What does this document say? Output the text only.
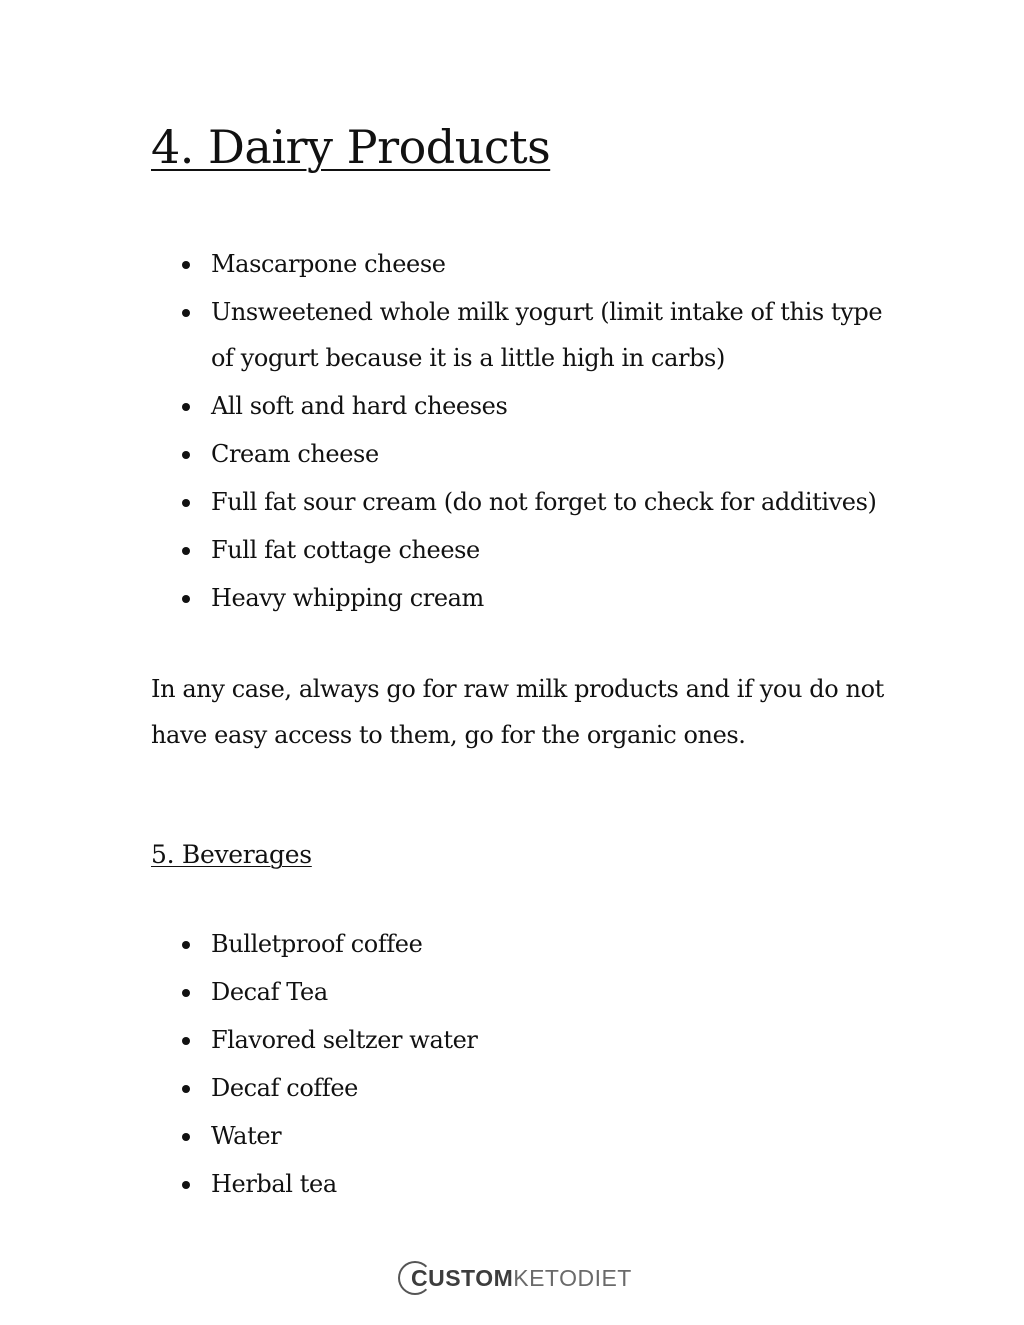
4. Dairy Products
Mascarpone cheese
Unsweetened whole milk yogurt (limit intake of this type of yogurt because it is a little high in carbs)
All soft and hard cheeses
Cream cheese
Full fat sour cream (do not forget to check for additives)
Full fat cottage cheese
Heavy whipping cream

In any case, always go for raw milk products and if you do not have easy access to them, go for the organic ones.

5. Beverages
Bulletproof coffee
Decaf Tea
Flavored seltzer water
Decaf coffee
Water
Herbal tea
CUSTOM KETODIET
